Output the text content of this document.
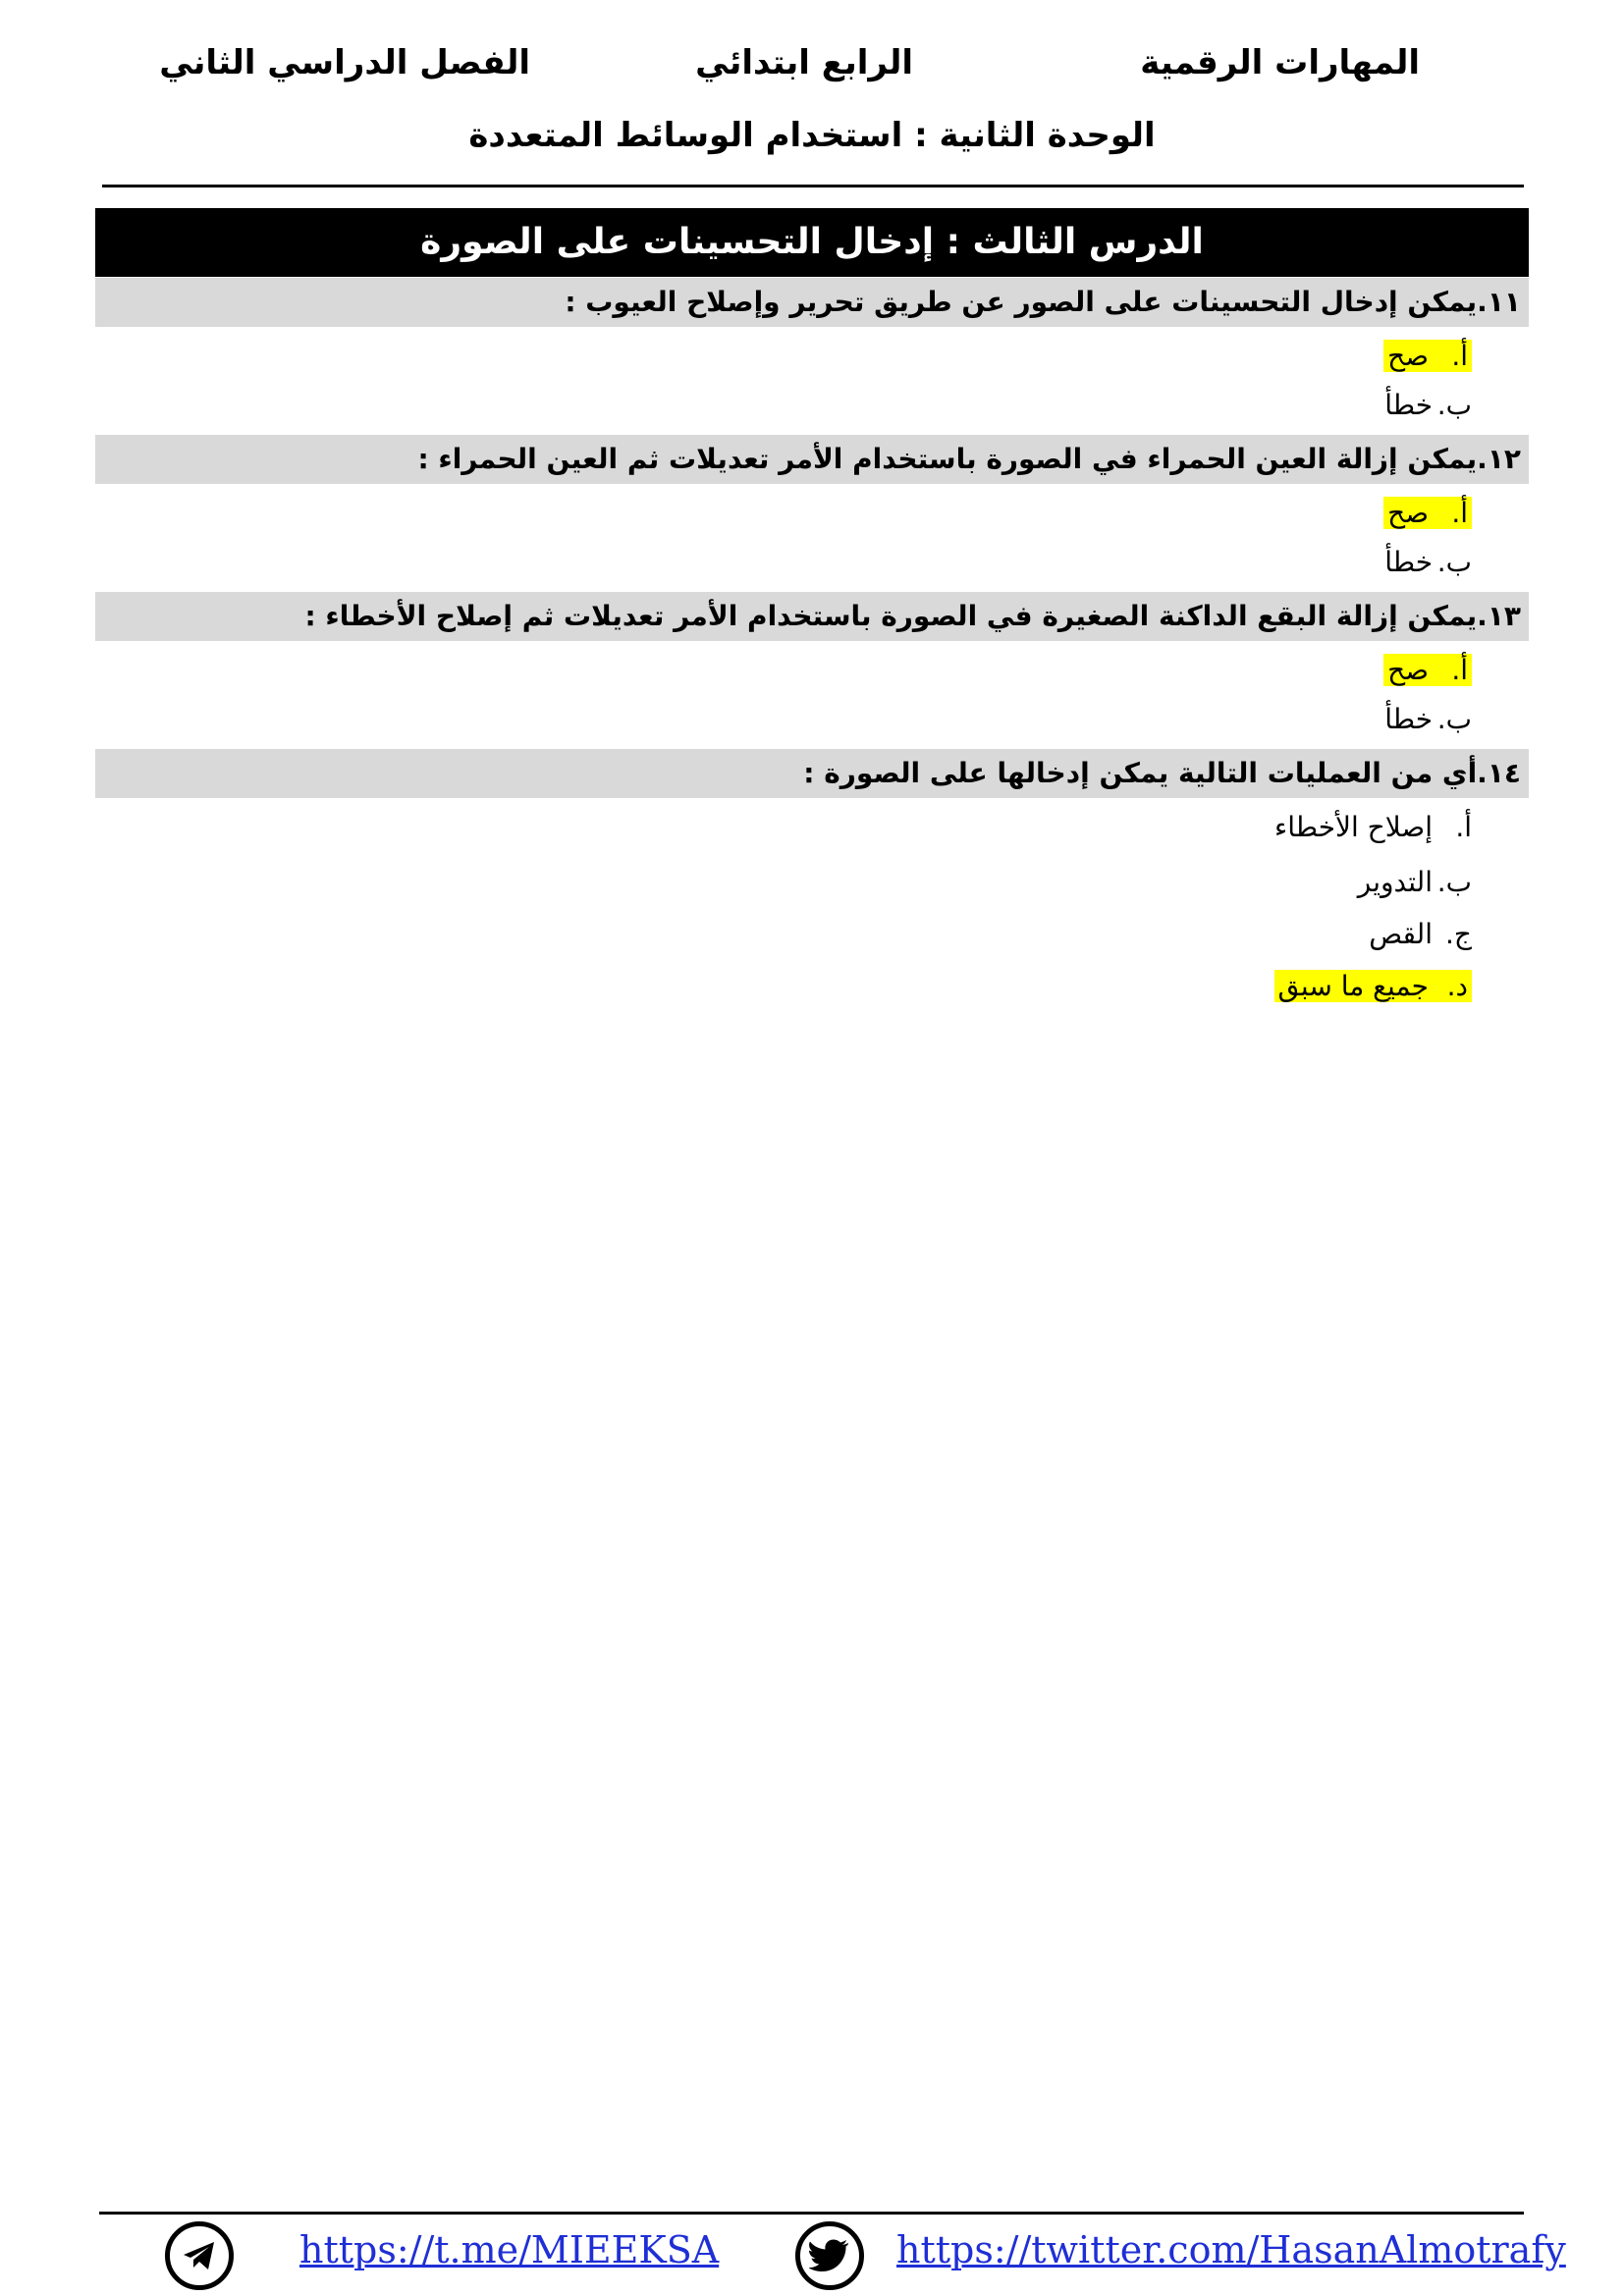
المهارات الرقمية
الرابع ابتدائي
الفصل الدراسي الثاني
الوحدة الثانية : استخدام الوسائط المتعددة
الدرس الثالث : إدخال التحسينات على الصورة
١١.يمكن إدخال التحسينات على الصور عن طريق تحرير وإصلاح العيوب :
أ.صح
ب.خطأ
١٢.يمكن إزالة العين الحمراء في الصورة باستخدام الأمر تعديلات ثم العين الحمراء :
أ.صح
ب.خطأ
١٣.يمكن إزالة البقع الداكنة الصغيرة في الصورة باستخدام الأمر تعديلات ثم إصلاح الأخطاء :
أ.صح
ب.خطأ
١٤.أي من العمليات التالية يمكن إدخالها على الصورة :
أ.إصلاح الأخطاء
ب.التدوير
ج.القص
د.جميع ما سبق
https://t.me/MIEEKSA	https://twitter.com/HasanAlmotrafy
